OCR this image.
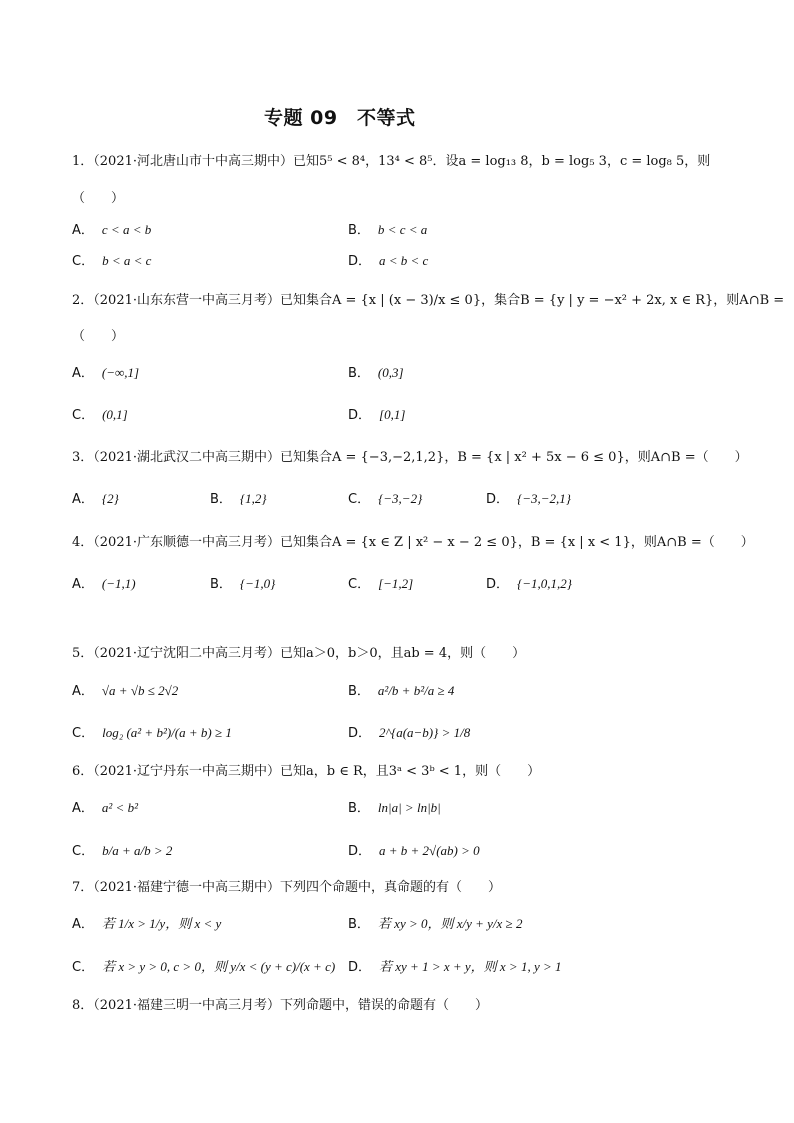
专题 09　不等式
1．（2021·河北唐山市十中高三期中）已知5⁵ < 8⁴，13⁴ < 8⁵．设a = log₁₃ 8，b = log₅ 3，c = log₈ 5，则
（　　）
A． c < a < b	B． b < c < a
C． b < a < c	D． a < b < c
2．（2021·山东东营一中高三月考）已知集合A = {x | (x − 3)/x ≤ 0}，集合B = {y | y = −x² + 2x, x ∈ R}，则A∩B =
（　　）
A． (−∞,1]	B． (0,3]
C． (0,1]	D． [0,1]
3．（2021·湖北武汉二中高三期中）已知集合A = {−3,−2,1,2}，B = {x | x² + 5x − 6 ≤ 0}，则A∩B =（　　）
A． {2}	B． {1,2}	C． {−3,−2}	D． {−3,−2,1}
4．（2021·广东顺德一中高三月考）已知集合A = {x ∈ Z | x² − x − 2 ≤ 0}，B = {x | x < 1}，则A∩B =（　　）
A． (−1,1)	B． {−1,0}	C． [−1,2]	D． {−1,0,1,2}
5．（2021·辽宁沈阳二中高三月考）已知a＞0，b＞0，且ab = 4，则（　　）
A． √a + √b ≤ 2√2	B． a²/b + b²/a ≥ 4
C． log₂ (a² + b²)/(a + b) ≥ 1	D． 2^{a(a−b)} > 1/8
6．（2021·辽宁丹东一中高三期中）已知a，b ∈ R，且3ᵃ < 3ᵇ < 1，则（　　）
A． a² < b²	B． ln|a| > ln|b|
C． b/a + a/b > 2	D． a + b + 2√(ab) > 0
7．（2021·福建宁德一中高三期中）下列四个命题中，真命题的有（　　）
A． 若 1/x > 1/y，则 x < y	B． 若 xy > 0，则 x/y + y/x ≥ 2
C． 若 x > y > 0, c > 0，则 y/x < (y + c)/(x + c) D． 若 xy + 1 > x + y，则 x > 1, y > 1
8．（2021·福建三明一中高三月考）下列命题中，错误的命题有（　　）
